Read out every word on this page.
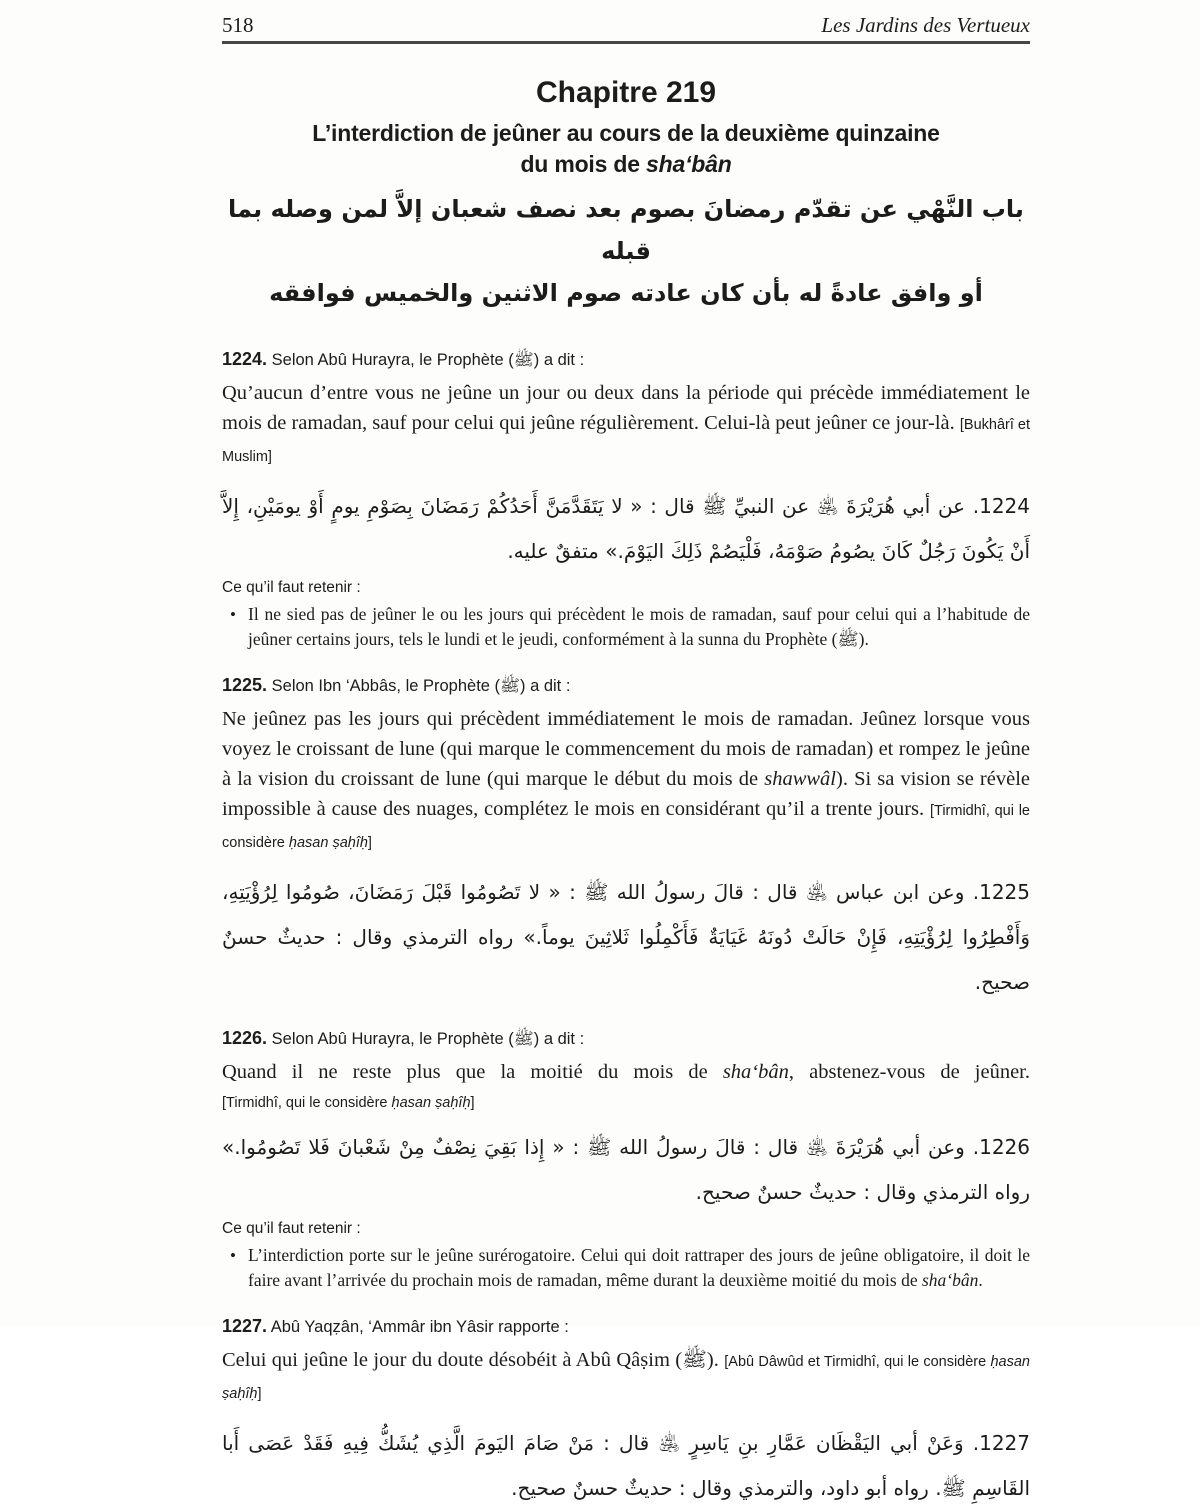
518	Les Jardins des Vertueux

Chapitre 219

L’interdiction de jeûner au cours de la deuxième quinzaine

du mois de sha‘bân

باب النَّهْي عن تقدّم رمضانَ بصوم بعد نصف شعبان إلاَّ لمن وصله بما قبله

أو وافق عادةً له بأن كان عادته صوم الاثنين والخميس فوافقه

1224. Selon Abû Hurayra, le Prophète (ﷺ) a dit :

Qu’aucun d’entre vous ne jeûne un jour ou deux dans la période qui précède immédiatement le mois de ramadan, sauf pour celui qui jeûne régulièrement. Celui-là peut jeûner ce jour-là. [Bukhârî et Muslim]

1224. عن أبي هُرَيْرَةَ ﵁ عن النبيِّ ﷺ قال : « لا يَتَقَدَّمَنَّ أَحَدُكُمْ رَمَضَانَ بِصَوْمِ يومٍ أَوْ يومَيْنِ، إِلاَّ أَنْ يَكُونَ رَجُلٌ كَانَ يصُومُ صَوْمَهُ، فَلْيَصُمْ ذَلِكَ اليَوْمَ.» متفقٌ عليه.

Ce qu’il faut retenir :

• Il ne sied pas de jeûner le ou les jours qui précèdent le mois de ramadan, sauf pour celui qui a l’habitude de jeûner certains jours, tels le lundi et le jeudi, conformément à la sunna du Prophète (ﷺ).

1225. Selon Ibn ‘Abbâs, le Prophète (ﷺ) a dit :

Ne jeûnez pas les jours qui précèdent immédiatement le mois de ramadan. Jeûnez lorsque vous voyez le croissant de lune (qui marque le commencement du mois de ramadan) et rompez le jeûne à la vision du croissant de lune (qui marque le début du mois de shawwâl). Si sa vision se révèle impossible à cause des nuages, complétez le mois en considérant qu’il a trente jours. [Tirmidhî, qui le considère ḥasan ṣaḥîḥ]

1225. وعن ابن عباس ﵁ قال : قالَ رسولُ الله ﷺ : « لا تَصُومُوا قَبْلَ رَمَضَانَ، صُومُوا لِرُؤْيَتِهِ، وَأَفْطِرُوا لِرُؤْيَتِهِ، فَإِنْ حَالَتْ دُونَهُ غَيَايَةٌ فَأَكْمِلُوا ثَلاثِينَ يوماً.» رواه الترمذي وقال : حديثٌ حسنٌ صحيح.

1226. Selon Abû Hurayra, le Prophète (ﷺ) a dit :

Quand il ne reste plus que la moitié du mois de sha‘bân, abstenez-vous de jeûner.

[Tirmidhî, qui le considère ḥasan ṣaḥîḥ]

1226. وعن أبي هُرَيْرَةَ ﵁ قال : قالَ رسولُ الله ﷺ : « إِذا بَقِيَ نِصْفٌ مِنْ شَعْبانَ فَلا تَصُومُوا.» رواه الترمذي وقال : حديثٌ حسنٌ صحيح.

Ce qu’il faut retenir :

• L’interdiction porte sur le jeûne surérogatoire. Celui qui doit rattraper des jours de jeûne obligatoire, il doit le faire avant l’arrivée du prochain mois de ramadan, même durant la deuxième moitié du mois de sha‘bân.

1227. Abû Yaqẓân, ‘Ammâr ibn Yâsir rapporte :

Celui qui jeûne le jour du doute désobéit à Abû Qâṣim (ﷺ). [Abû Dâwûd et Tirmidhî, qui le considère ḥasan ṣaḥîḥ]

1227. وَعَنْ أبي اليَقْظَان عَمَّارِ بنِ يَاسِرٍ ﵁ قال : مَنْ صَامَ اليَومَ الَّذِي يُشَكُّ فِيهِ فَقَدْ عَصَى أَبا القَاسِمِ ﷺ. رواه أبو داود، والترمذي وقال : حديثٌ حسنٌ صحيح.
